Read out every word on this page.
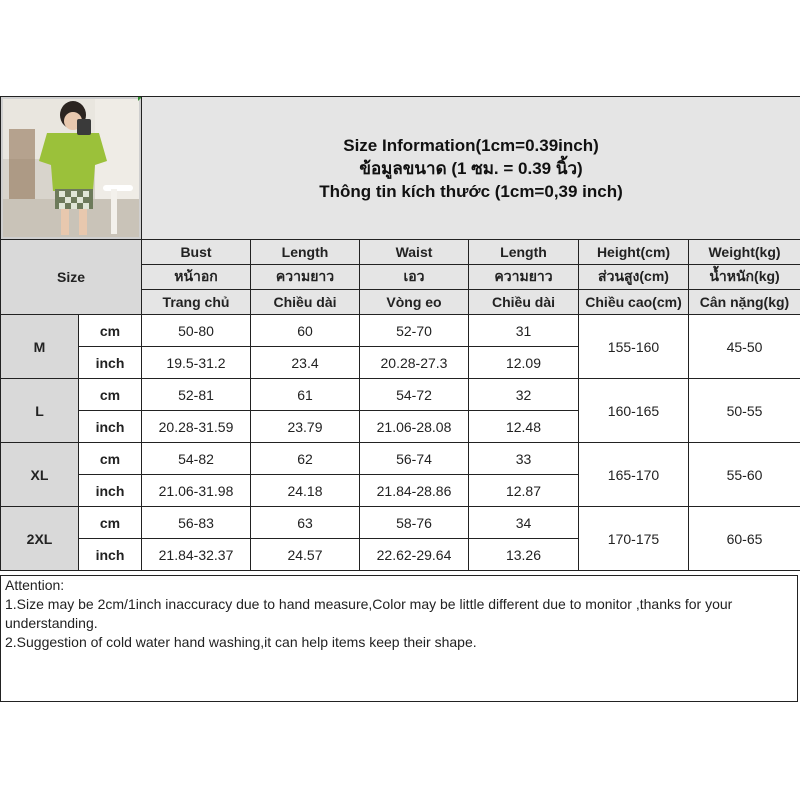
Size Information(1cm=0.39inch)
ข้อมูลขนาด (1 ซม. = 0.39 นิ้ว)
Thông tin kích thước (1cm=0,39 inch)					

Size		Bust	Length	Waist	Length	Height(cm)	Weight(kg)
		หน้าอก	ความยาว	เอว	ความยาว	ส่วนสูง(cm)	น้ำหนัก(kg)
		Trang chủ	Chiều dài	Vòng eo	Chiều dài	Chiều cao(cm)	Cân nặng(kg)
M	cm	50-80	60	52-70	31	155-160	45-50
	inch	19.5-31.2	23.4	20.28-27.3	12.09		
L	cm	52-81	61	54-72	32	160-165	50-55
	inch	20.28-31.59	23.79	21.06-28.08	12.48		
XL	cm	54-82	62	56-74	33	165-170	55-60
	inch	21.06-31.98	24.18	21.84-28.86	12.87		
2XL	cm	56-83	63	58-76	34	170-175	60-65
	inch	21.84-32.37	24.57	22.62-29.64	13.26		

Attention:

1.Size may be 2cm/1inch inaccuracy due to hand measure,Color may be little different due to monitor ,thanks for your understanding.

2.Suggestion of cold water hand washing,it can help items keep their shape.
